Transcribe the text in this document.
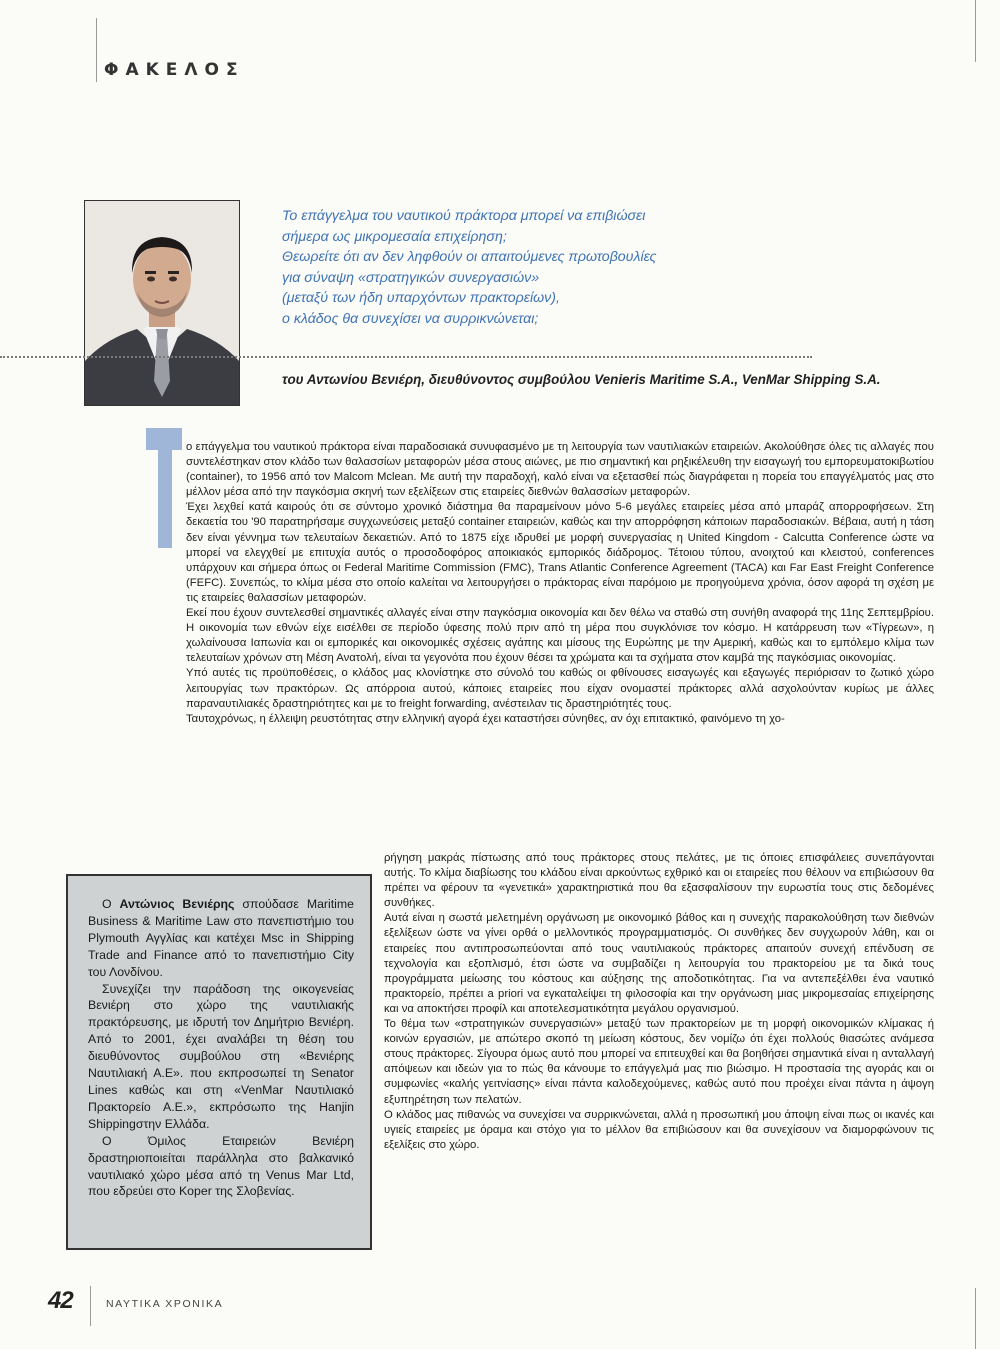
ΦΑΚΕΛΟΣ

Το επάγγελμα του ναυτικού πράκτορα μπορεί να επιβιώσει

σήμερα ως μικρομεσαία επιχείρηση;

Θεωρείτε ότι αν δεν ληφθούν οι απαιτούμενες πρωτοβουλίες

για σύναψη «στρατηγικών συνεργασιών»

(μεταξύ των ήδη υπαρχόντων πρακτορείων),

ο κλάδος θα συνεχίσει να συρρικνώνεται;

του Αντωνίου Βενιέρη, διευθύνοντος συμβούλου Venieris Maritime S.A., VenMar Shipping S.A.

ο επάγγελμα του ναυτικού πράκτορα είναι παραδοσιακά συνυφασμένο με τη λειτουργία των ναυτιλιακών εταιρειών. Ακολούθησε όλες τις αλλαγές που συντελέστηκαν στον κλάδο των θαλασσίων μεταφορών μέσα στους αιώνες, με πιο σημαντική και ρηξικέλευθη την εισαγωγή του εμπορευματοκιβωτίου (container), το 1956 από τον Malcom Mclean. Με αυτή την παραδοχή, καλό είναι να εξετασθεί πώς διαγράφεται η πορεία του επαγγέλματός μας στο μέλλον μέσα από την παγκόσμια σκηνή των εξελίξεων στις εταιρείες διεθνών θαλασσίων μεταφορών.

Έχει λεχθεί κατά καιρούς ότι σε σύντομο χρονικό διάστημα θα παραμείνουν μόνο 5-6 μεγάλες εταιρείες μέσα από μπαράζ απορροφήσεων. Στη δεκαετία του '90 παρατηρήσαμε συγχωνεύσεις μεταξύ container εταιρειών, καθώς και την απορρόφηση κάποιων παραδοσιακών. Βέβαια, αυτή η τάση δεν είναι γέννημα των τελευταίων δεκαετιών. Από το 1875 είχε ιδρυθεί με μορφή συνεργασίας η United Kingdom - Calcutta Conference ώστε να μπορεί να ελεγχθεί με επιτυχία αυτός ο προσοδοφόρος αποικιακός εμπορικός διάδρομος. Τέτοιου τύπου, ανοιχτού και κλειστού, conferences υπάρχουν και σήμερα όπως οι Federal Maritime Commission (FMC), Trans Atlantic Conference Agreement (TACA) και Far East Freight Conference (FEFC). Συνεπώς, το κλίμα μέσα στο οποίο καλείται να λειτουργήσει ο πράκτορας είναι παρόμοιο με προηγούμενα χρόνια, όσον αφορά τη σχέση με τις εταιρείες θαλασσίων μεταφορών.

Εκεί που έχουν συντελεσθεί σημαντικές αλλαγές είναι στην παγκόσμια οικονομία και δεν θέλω να σταθώ στη συνήθη αναφορά της 11ης Σεπτεμβρίου. Η οικονομία των εθνών είχε εισέλθει σε περίοδο ύφεσης πολύ πριν από τη μέρα που συγκλόνισε τον κόσμο. Η κατάρρευση των «Τίγρεων», η χωλαίνουσα Ιαπωνία και οι εμπορικές και οικονομικές σχέσεις αγάπης και μίσους της Ευρώπης με την Αμερική, καθώς και το εμπόλεμο κλίμα των τελευταίων χρόνων στη Μέση Ανατολή, είναι τα γεγονότα που έχουν θέσει τα χρώματα και τα σχήματα στον καμβά της παγκόσμιας οικονομίας.

Υπό αυτές τις προϋποθέσεις, ο κλάδος μας κλονίστηκε στο σύνολό του καθώς οι φθίνουσες εισαγωγές και εξαγωγές περιόρισαν το ζωτικό χώρο λειτουργίας των πρακτόρων. Ως απόρροια αυτού, κάποιες εταιρείες που είχαν ονομαστεί πράκτορες αλλά ασχολούνταν κυρίως με άλλες παραναυτιλιακές δραστηριότητες και με το freight forwarding, ανέστειλαν τις δραστηριότητές τους.

Ταυτοχρόνως, η έλλειψη ρευστότητας στην ελληνική αγορά έχει καταστήσει σύνηθες, αν όχι επιτακτικό, φαινόμενο τη χο-

ρήγηση μακράς πίστωσης από τους πράκτορες στους πελάτες, με τις όποιες επισφάλειες συνεπάγονται αυτής. Το κλίμα διαβίωσης του κλάδου είναι αρκούντως εχθρικό και οι εταιρείες που θέλουν να επιβιώσουν θα πρέπει να φέρουν τα «γενετικά» χαρακτηριστικά που θα εξασφαλίσουν την ευρωστία τους στις δεδομένες συνθήκες.

Αυτά είναι η σωστά μελετημένη οργάνωση με οικονομικό βάθος και η συνεχής παρακολούθηση των διεθνών εξελίξεων ώστε να γίνει ορθά ο μελλοντικός προγραμματισμός. Οι συνθήκες δεν συγχωρούν λάθη, και οι εταιρείες που αντιπροσωπεύονται από τους ναυτιλιακούς πράκτορες απαιτούν συνεχή επένδυση σε τεχνολογία και εξοπλισμό, έτσι ώστε να συμβαδίζει η λειτουργία του πρακτορείου με τα δικά τους προγράμματα μείωσης του κόστους και αύξησης της αποδοτικότητας. Για να αντεπεξέλθει ένα ναυτικό πρακτορείο, πρέπει a priori να εγκαταλείψει τη φιλοσοφία και την οργάνωση μιας μικρομεσαίας επιχείρησης και να αποκτήσει προφίλ και αποτελεσματικότητα μεγάλου οργανισμού.

Το θέμα των «στρατηγικών συνεργασιών» μεταξύ των πρακτορείων με τη μορφή οικονομικών κλίμακας ή κοινών εργασιών, με απώτερο σκοπό τη μείωση κόστους, δεν νομίζω ότι έχει πολλούς θιασώτες ανάμεσα στους πράκτορες. Σίγουρα όμως αυτό που μπορεί να επιτευχθεί και θα βοηθήσει σημαντικά είναι η ανταλλαγή απόψεων και ιδεών για το πώς θα κάνουμε το επάγγελμά μας πιο βιώσιμο. Η προστασία της αγοράς και οι συμφωνίες «καλής γειτνίασης» είναι πάντα καλοδεχούμενες, καθώς αυτό που προέχει είναι πάντα η άψογη εξυπηρέτηση των πελατών.

Ο κλάδος μας πιθανώς να συνεχίσει να συρρικνώνεται, αλλά η προσωπική μου άποψη είναι πως οι ικανές και υγιείς εταιρείες με όραμα και στόχο για το μέλλον θα επιβιώσουν και θα συνεχίσουν να διαμορφώνουν τις εξελίξεις στο χώρο.

Ο Αντώνιος Βενιέρης σπούδασε Maritime Business & Maritime Law στο πανεπιστήμιο του Plymouth Αγγλίας και κατέχει Msc in Shipping Trade and Finance από το πανεπιστήμιο City του Λονδίνου.

Συνεχίζει την παράδοση της οικογενείας Βενιέρη στο χώρο της ναυτιλιακής πρακτόρευσης, με ιδρυτή τον Δημήτριο Βενιέρη. Από το 2001, έχει αναλάβει τη θέση του διευθύνοντος συμβούλου στη «Βενιέρης Ναυτιλιακή Α.Ε». που εκπροσωπεί τη Senator Lines καθώς και στη «VenMar Ναυτιλιακό Πρακτορείο Α.Ε.», εκπρόσωπο της Hanjin Shippingστην Ελλάδα.

Ο Όμιλος Εταιρειών Βενιέρη δραστηριοποιείται παράλληλα στο βαλκανικό ναυτιλιακό χώρο μέσα από τη Venus Mar Ltd, που εδρεύει στο Koper της Σλοβενίας.

42	ΝΑΥΤΙΚΑ ΧΡΟΝΙΚΑ
